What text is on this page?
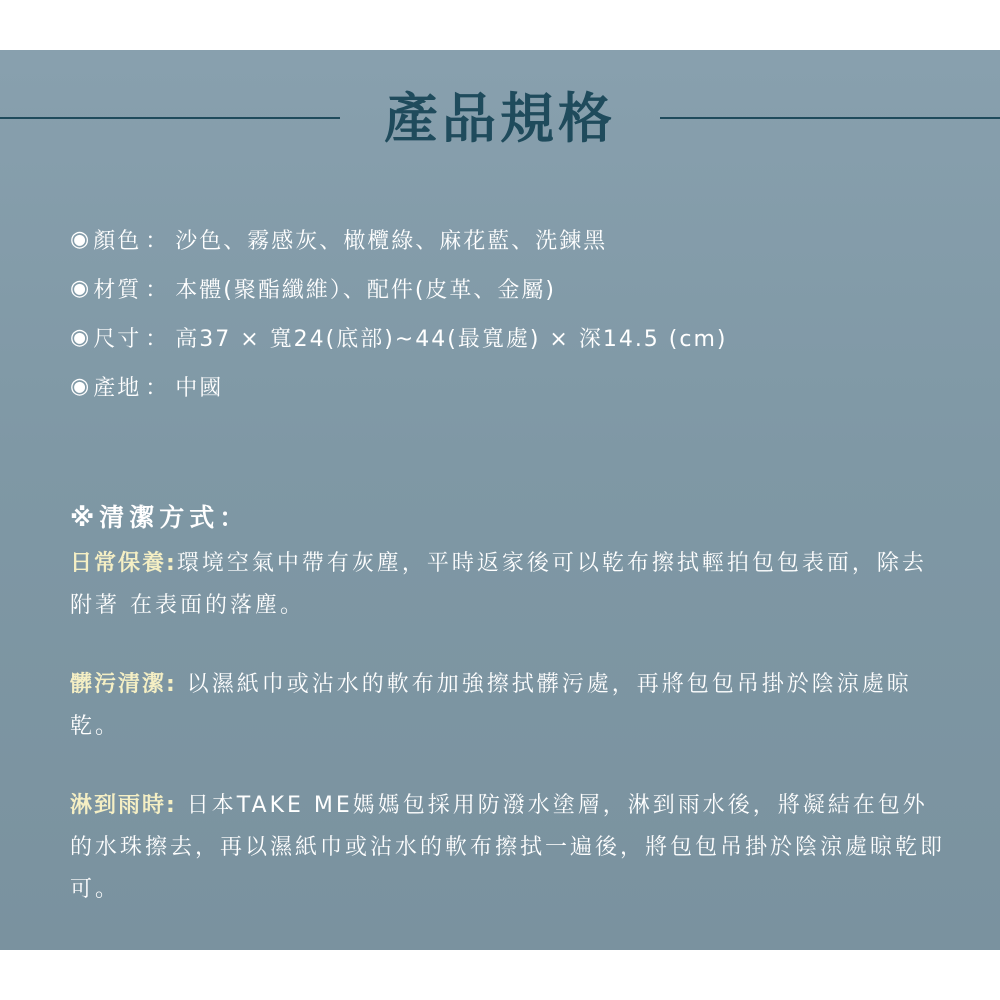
產品規格
◉ 顏色 ： 沙色、霧感灰、橄欖綠、麻花藍、洗鍊黑
◉ 材質 ： 本體(聚酯纖維）、配件(皮革、金屬)
◉ 尺寸 ： 高37 × 寬24(底部)~44(最寬處) × 深14.5 (cm)
◉ 產地 ： 中國
※清潔方式：

日常保養:環境空氣中帶有灰塵，平時返家後可以乾布擦拭輕拍包包表面，除去附著 在表面的落塵。

髒污清潔: 以濕紙巾或沾水的軟布加強擦拭髒污處，再將包包吊掛於陰涼處晾乾。

淋到雨時: 日本TAKE ME媽媽包採用防潑水塗層，淋到雨水後，將凝結在包外的水珠擦去，再以濕紙巾或沾水的軟布擦拭一遍後，將包包吊掛於陰涼處晾乾即可。
